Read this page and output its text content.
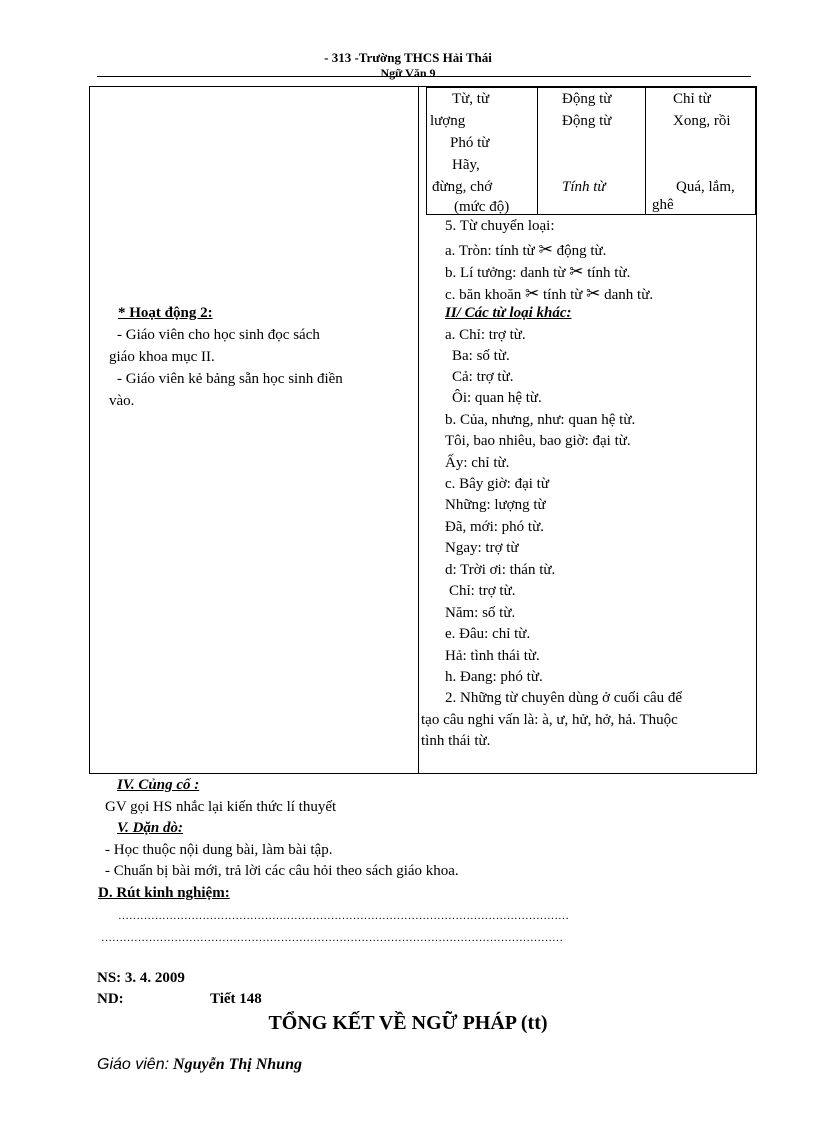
- 313 -Trường THCS Hải Thái
Ngữ Văn 9
* Hoạt động 2:
- Giáo viên cho học sinh đọc sách
giáo khoa mục II.
- Giáo viên kẻ bảng sẵn học sinh điền
vào.
Từ, từ
lượng
Phó từ
Hãy,
đừng, chớ
(mức độ)
Động từ
Động từ
Tính từ
Chỉ từ
Xong, rồi
Quá, lắm,
ghê
5. Từ chuyển loại:
a. Tròn: tính từ ✂ động từ.
b. Lí tưởng: danh từ ✂ tính từ.
c. băn khoăn ✂ tính từ ✂ danh từ.
II/ Các từ loại khác:
a. Chỉ: trợ từ.
Ba: số từ.
Cả: trợ từ.
Ôi: quan hệ từ.
b. Của, nhưng, như: quan hệ từ.
Tôi, bao nhiêu, bao giờ: đại từ.
Ấy: chỉ từ.
c. Bây giờ: đại từ
Những: lượng từ
Đã, mới: phó từ.
Ngay: trợ từ
d: Trời ơi: thán từ.
Chỉ: trợ từ.
Năm: số từ.
e. Đâu: chỉ từ.
Hả: tình thái từ.
h. Đang: phó từ.
2. Những từ chuyên dùng ở cuối câu để
tạo câu nghi vấn là: à, ư, hử, hở, hả. Thuộc
tình thái từ.
IV. Củng cố :
GV gọi HS nhắc lại kiến thức lí thuyết
V. Dặn dò:
- Học thuộc nội dung bài, làm bài tập.
- Chuẩn bị bài mới, trả lời các câu hỏi theo sách giáo khoa.
D. Rút kinh nghiệm:
……………………………………………………………………………………………………………
………………………………………………………………………………………………………………
NS: 3. 4. 2009
ND:	Tiết 148
TỔNG KẾT VỀ NGỮ PHÁP (tt)
Giáo viên: Nguyễn Thị Nhung
